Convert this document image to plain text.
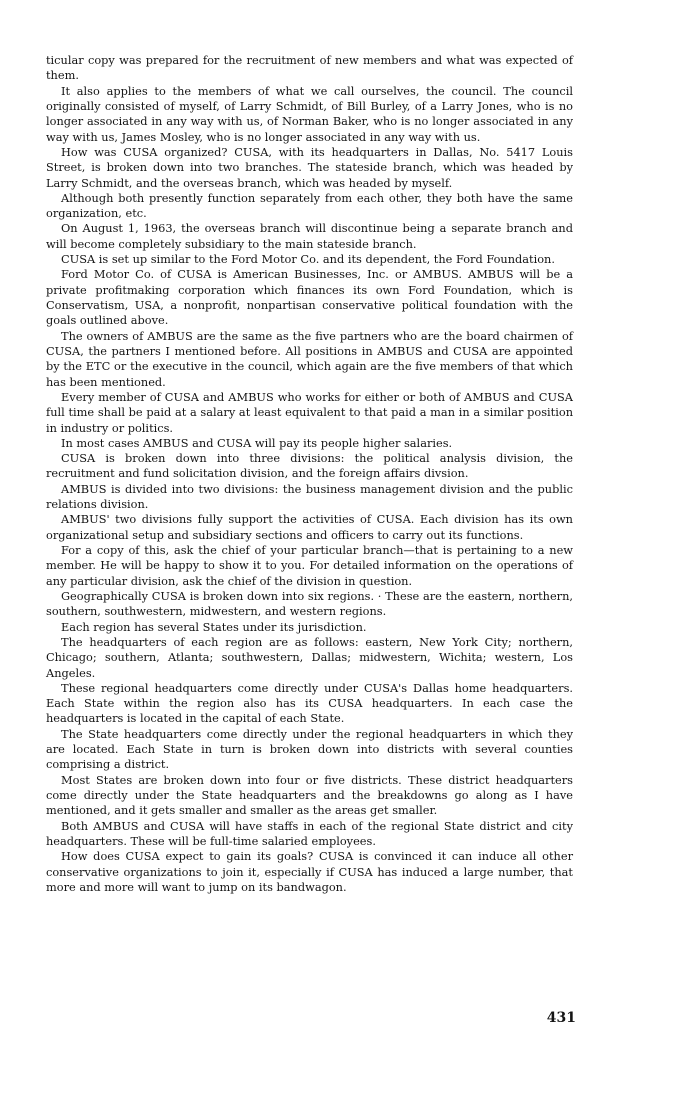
ticular copy was prepared for the recruitment of new members and what was expected of them.

It also applies to the members of what we call ourselves, the council. The council originally consisted of myself, of Larry Schmidt, of Bill Burley, of a Larry Jones, who is no longer associated in any way with us, of Norman Baker, who is no longer associated in any way with us, James Mosley, who is no longer associated in any way with us.

How was CUSA organized? CUSA, with its headquarters in Dallas, No. 5417 Louis Street, is broken down into two branches. The stateside branch, which was headed by Larry Schmidt, and the overseas branch, which was headed by myself.

Although both presently function separately from each other, they both have the same organization, etc.

On August 1, 1963, the overseas branch will discontinue being a separate branch and will become completely subsidiary to the main stateside branch.

CUSA is set up similar to the Ford Motor Co. and its dependent, the Ford Foundation.

Ford Motor Co. of CUSA is American Businesses, Inc. or AMBUS. AMBUS will be a private profitmaking corporation which finances its own Ford Foundation, which is Conservatism, USA, a nonprofit, nonpartisan conservative political foundation with the goals outlined above.

The owners of AMBUS are the same as the five partners who are the board chairmen of CUSA, the partners I mentioned before. All positions in AMBUS and CUSA are appointed by the ETC or the executive in the council, which again are the five members of that which has been mentioned.

Every member of CUSA and AMBUS who works for either or both of AMBUS and CUSA full time shall be paid at a salary at least equivalent to that paid a man in a similar position in industry or politics.

In most cases AMBUS and CUSA will pay its people higher salaries.

CUSA is broken down into three divisions: the political analysis division, the recruitment and fund solicitation division, and the foreign affairs divsion.

AMBUS is divided into two divisions: the business management division and the public relations division.

AMBUS' two divisions fully support the activities of CUSA. Each division has its own organizational setup and subsidiary sections and officers to carry out its functions.

For a copy of this, ask the chief of your particular branch—that is pertaining to a new member. He will be happy to show it to you. For detailed information on the operations of any particular division, ask the chief of the division in question.

Geographically CUSA is broken down into six regions. · These are the eastern, northern, southern, southwestern, midwestern, and western regions.

Each region has several States under its jurisdiction.

The headquarters of each region are as follows: eastern, New York City; northern, Chicago; southern, Atlanta; southwestern, Dallas; midwestern, Wichita; western, Los Angeles.

These regional headquarters come directly under CUSA's Dallas home headquarters. Each State within the region also has its CUSA headquarters. In each case the headquarters is located in the capital of each State.

The State headquarters come directly under the regional headquarters in which they are located. Each State in turn is broken down into districts with several counties comprising a district.

Most States are broken down into four or five districts. These district headquarters come directly under the State headquarters and the breakdowns go along as I have mentioned, and it gets smaller and smaller as the areas get smaller.

Both AMBUS and CUSA will have staffs in each of the regional State district and city headquarters. These will be full-time salaried employees.

How does CUSA expect to gain its goals? CUSA is convinced it can induce all other conservative organizations to join it, especially if CUSA has induced a large number, that more and more will want to jump on its bandwagon.

431
